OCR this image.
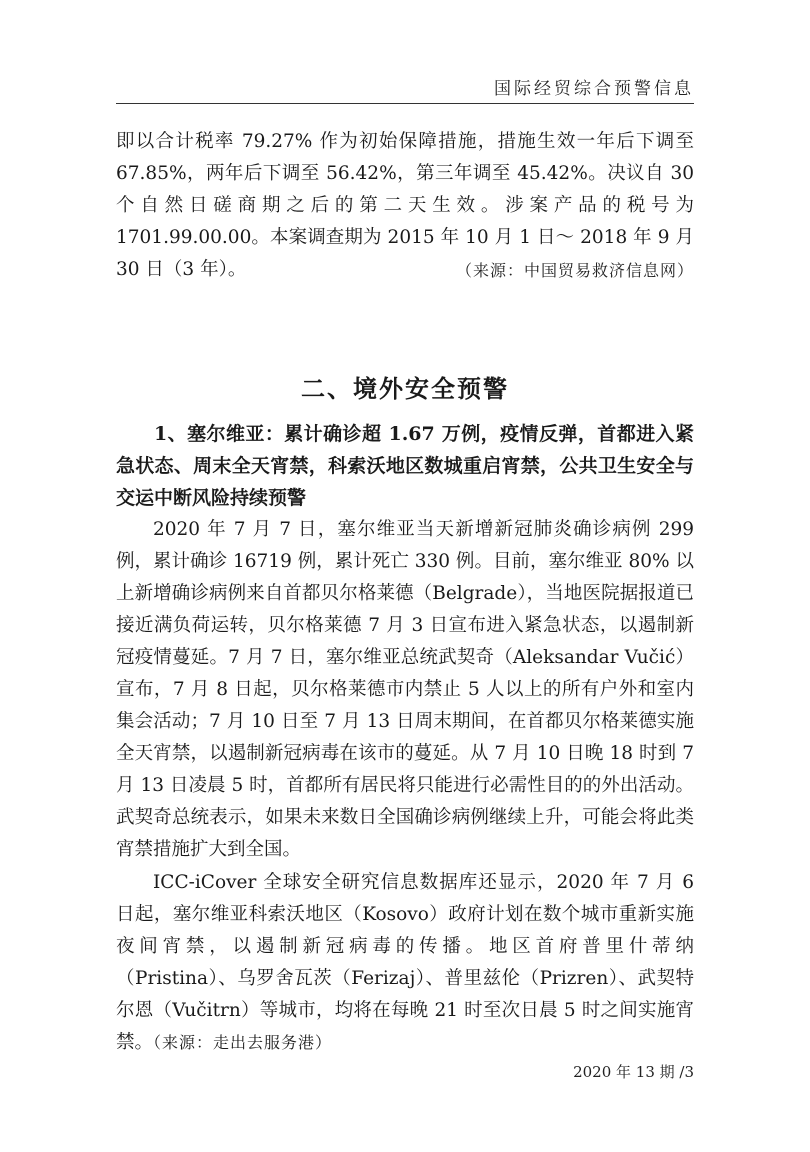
国际经贸综合预警信息
即以合计税率 79.27% 作为初始保障措施，措施生效一年后下调至 67.85%，两年后下调至 56.42%，第三年调至 45.42%。决议自 30 个自然日磋商期之后的第二天生效。涉案产品的税号为 1701.99.00.00。本案调查期为 2015 年 10 月 1 日～ 2018 年 9 月 30 日（3 年）。	（来源：中国贸易救济信息网）
二、境外安全预警
1、塞尔维亚：累计确诊超 1.67 万例，疫情反弹，首都进入紧急状态、周末全天宵禁，科索沃地区数城重启宵禁，公共卫生安全与交运中断风险持续预警
2020 年 7 月 7 日，塞尔维亚当天新增新冠肺炎确诊病例 299 例，累计确诊 16719 例，累计死亡 330 例。目前，塞尔维亚 80% 以上新增确诊病例来自首都贝尔格莱德（Belgrade），当地医院据报道已接近满负荷运转，贝尔格莱德 7 月 3 日宣布进入紧急状态，以遏制新冠疫情蔓延。7 月 7 日，塞尔维亚总统武契奇（Aleksandar Vučić）宣布，7 月 8 日起，贝尔格莱德市内禁止 5 人以上的所有户外和室内集会活动；7 月 10 日至 7 月 13 日周末期间，在首都贝尔格莱德实施全天宵禁，以遏制新冠病毒在该市的蔓延。从 7 月 10 日晚 18 时到 7 月 13 日凌晨 5 时，首都所有居民将只能进行必需性目的的外出活动。武契奇总统表示，如果未来数日全国确诊病例继续上升，可能会将此类宵禁措施扩大到全国。
ICC-iCover 全球安全研究信息数据库还显示，2020 年 7 月 6 日起，塞尔维亚科索沃地区（Kosovo）政府计划在数个城市重新实施夜间宵禁，以遏制新冠病毒的传播。地区首府普里什蒂纳（Pristina）、乌罗舍瓦茨（Ferizaj）、普里兹伦（Prizren）、武契特尔恩（Vučitrn）等城市，均将在每晚 21 时至次日晨 5 时之间实施宵禁。（来源：走出去服务港）
2020 年 13 期 /3
